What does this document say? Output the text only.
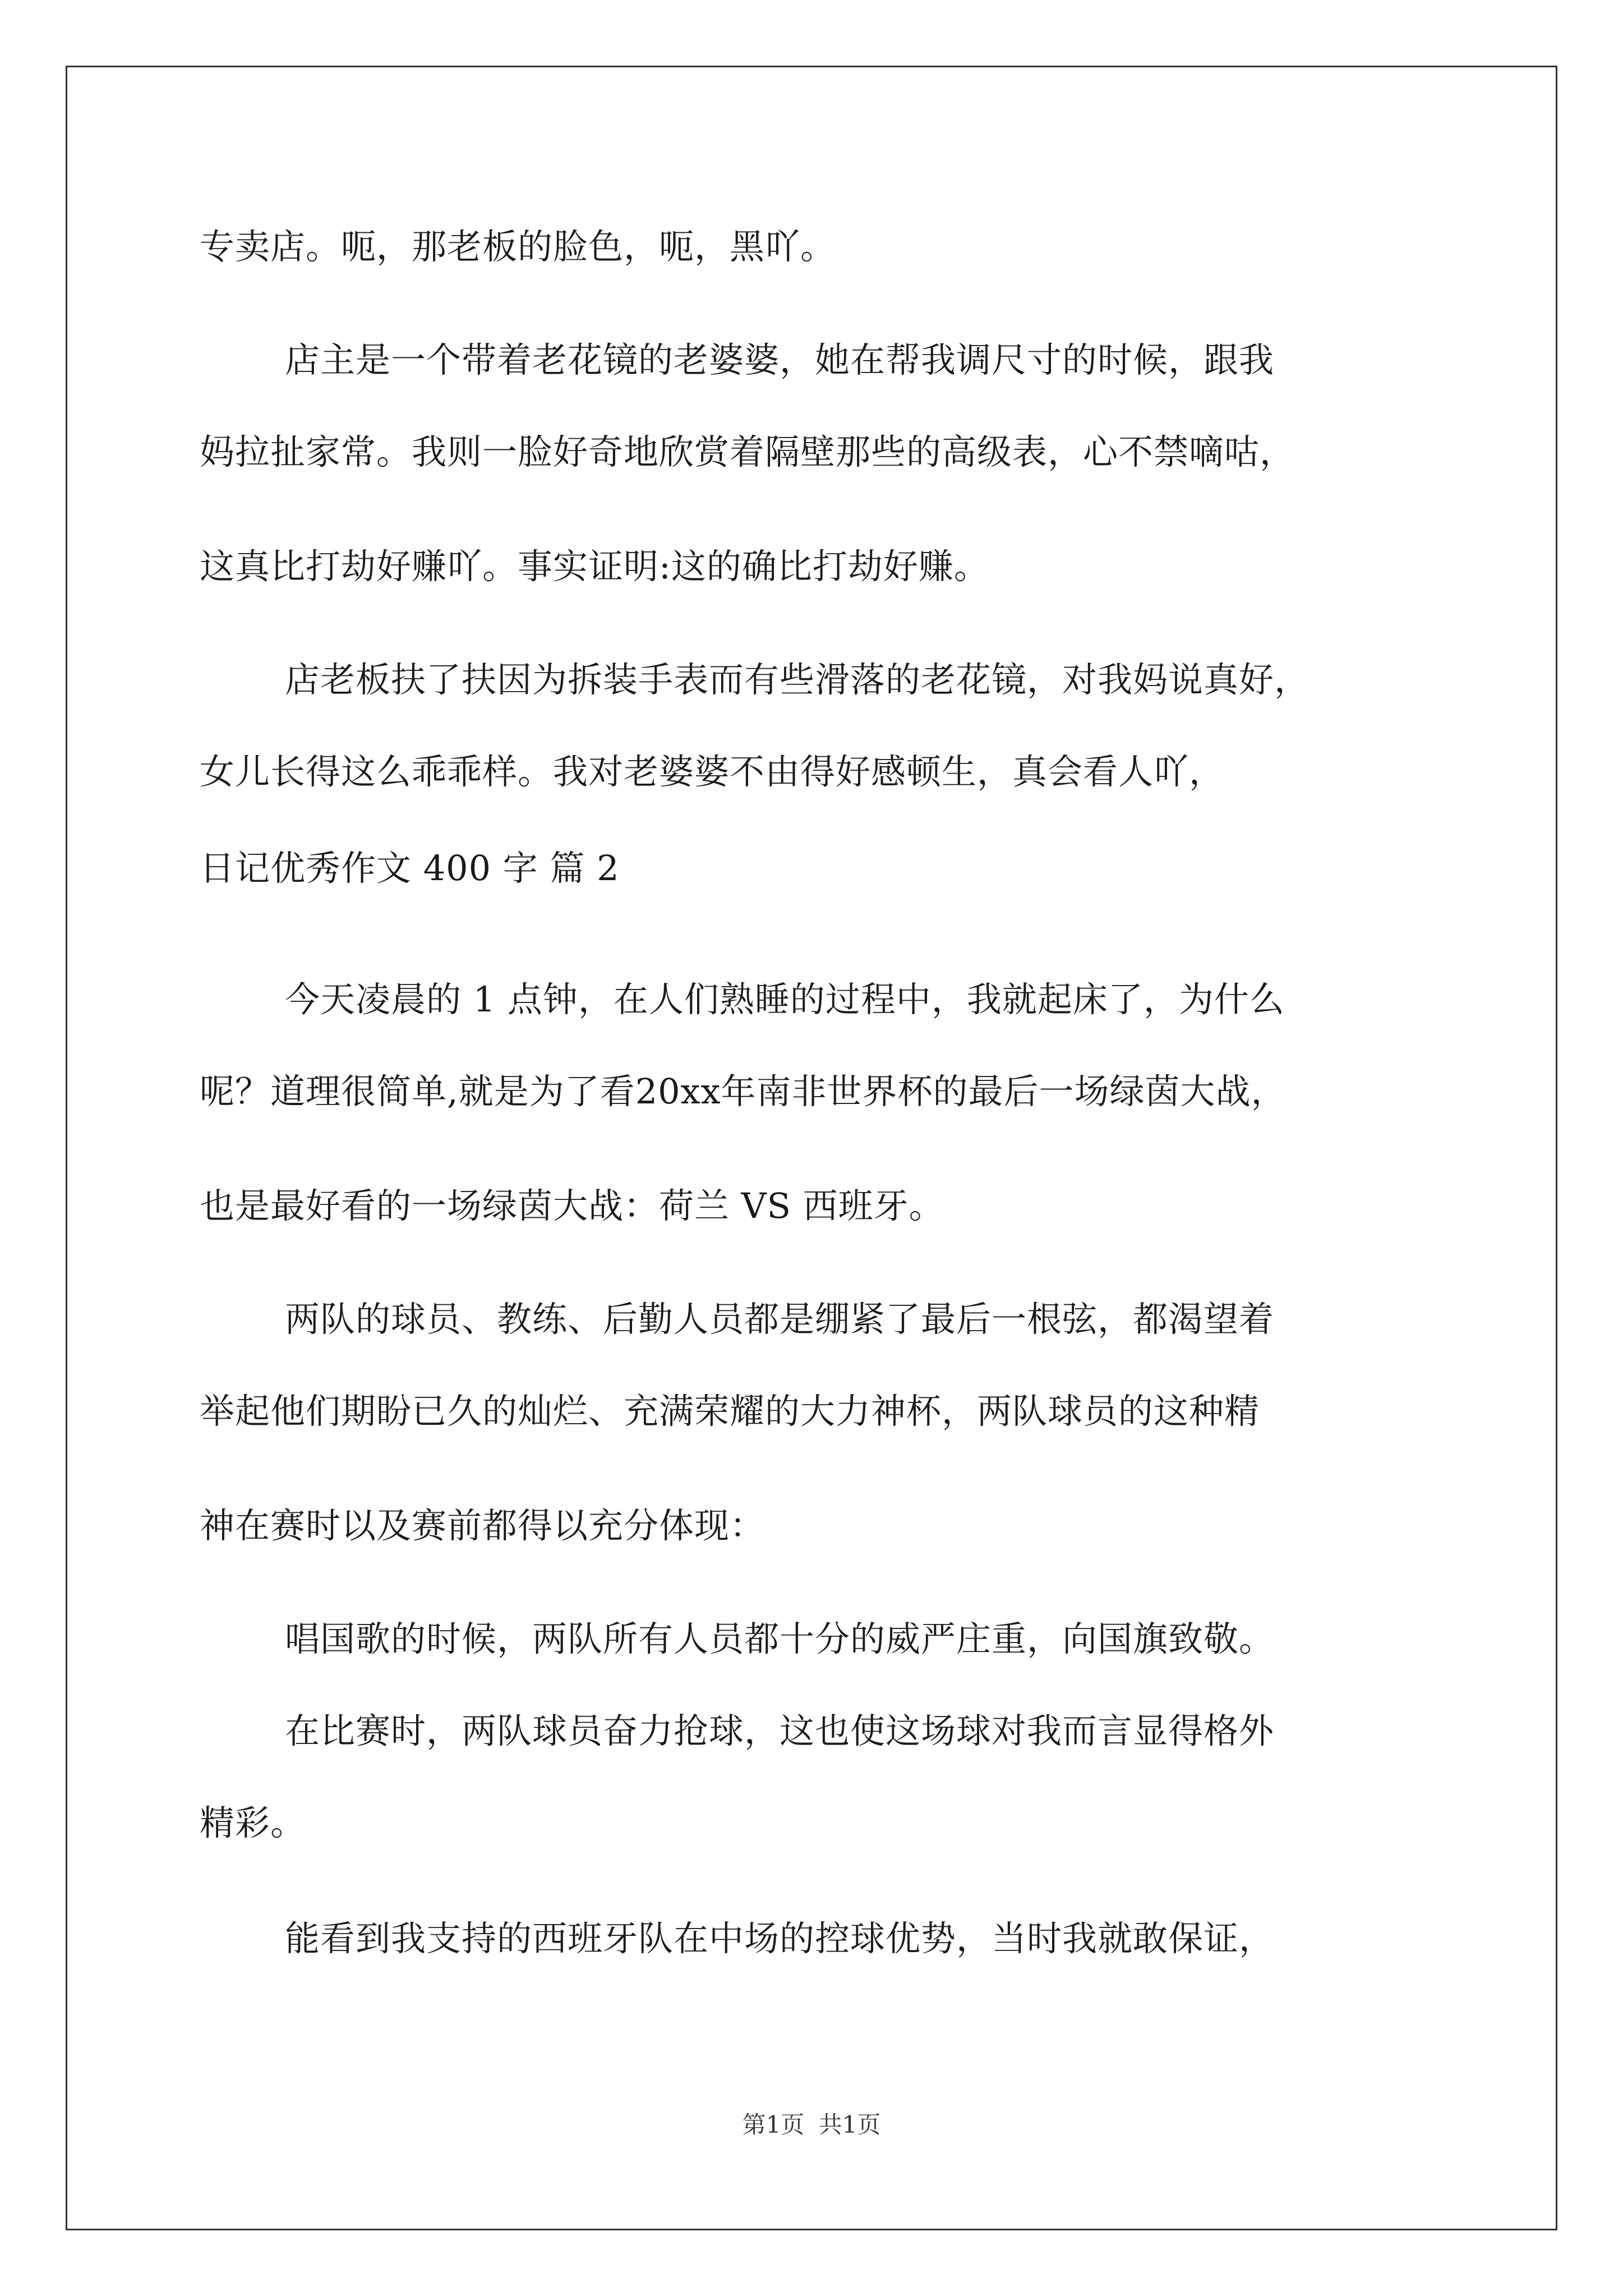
专卖店。呃，那老板的脸色，呃，黑吖。
店主是一个带着老花镜的老婆婆，她在帮我调尺寸的时候，跟我
妈拉扯家常。我则一脸好奇地欣赏着隔壁那些的高级表，心不禁嘀咕，
这真比打劫好赚吖。事实证明:这的确比打劫好赚。
店老板扶了扶因为拆装手表而有些滑落的老花镜，对我妈说真好，
女儿长得这么乖乖样。我对老婆婆不由得好感顿生，真会看人吖，
日记优秀作文 400 字 篇 2
今天凌晨的 1 点钟，在人们熟睡的过程中，我就起床了，为什么
呢？道理很简单,就是为了看20xx年南非世界杯的最后一场绿茵大战，
也是最好看的一场绿茵大战：荷兰 VS 西班牙。
两队的球员、教练、后勤人员都是绷紧了最后一根弦，都渴望着
举起他们期盼已久的灿烂、充满荣耀的大力神杯，两队球员的这种精
神在赛时以及赛前都得以充分体现：
唱国歌的时候，两队所有人员都十分的威严庄重，向国旗致敬。
在比赛时，两队球员奋力抢球，这也使这场球对我而言显得格外
精彩。
能看到我支持的西班牙队在中场的控球优势，当时我就敢保证，
第1页 共1页
